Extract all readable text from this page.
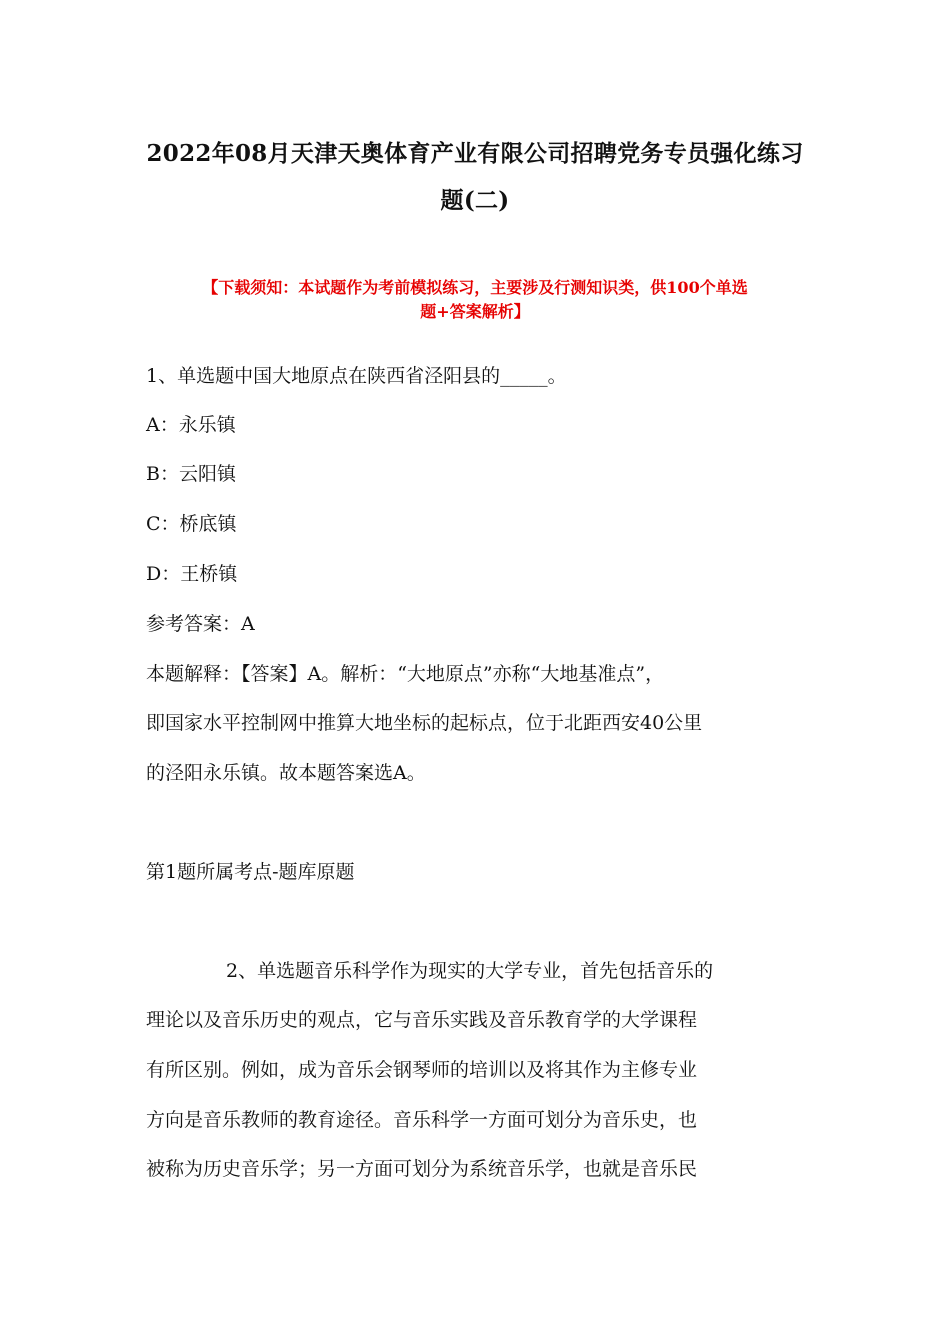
2022年08月天津天奥体育产业有限公司招聘党务专员强化练习
题(二)
【下载须知：本试题作为考前模拟练习，主要涉及行测知识类，供100个单选
题+答案解析】
1、单选题中国大地原点在陕西省泾阳县的_____。
A：永乐镇
B：云阳镇
C：桥底镇
D：王桥镇
参考答案：A
本题解释：【答案】A。解析：“大地原点”亦称“大地基准点”，
即国家水平控制网中推算大地坐标的起标点，位于北距西安40公里
的泾阳永乐镇。故本题答案选A。
第1题所属考点-题库原题
2、单选题音乐科学作为现实的大学专业，首先包括音乐的
理论以及音乐历史的观点，它与音乐实践及音乐教育学的大学课程
有所区别。例如，成为音乐会钢琴师的培训以及将其作为主修专业
方向是音乐教师的教育途径。音乐科学一方面可划分为音乐史，也
被称为历史音乐学；另一方面可划分为系统音乐学，也就是音乐民
